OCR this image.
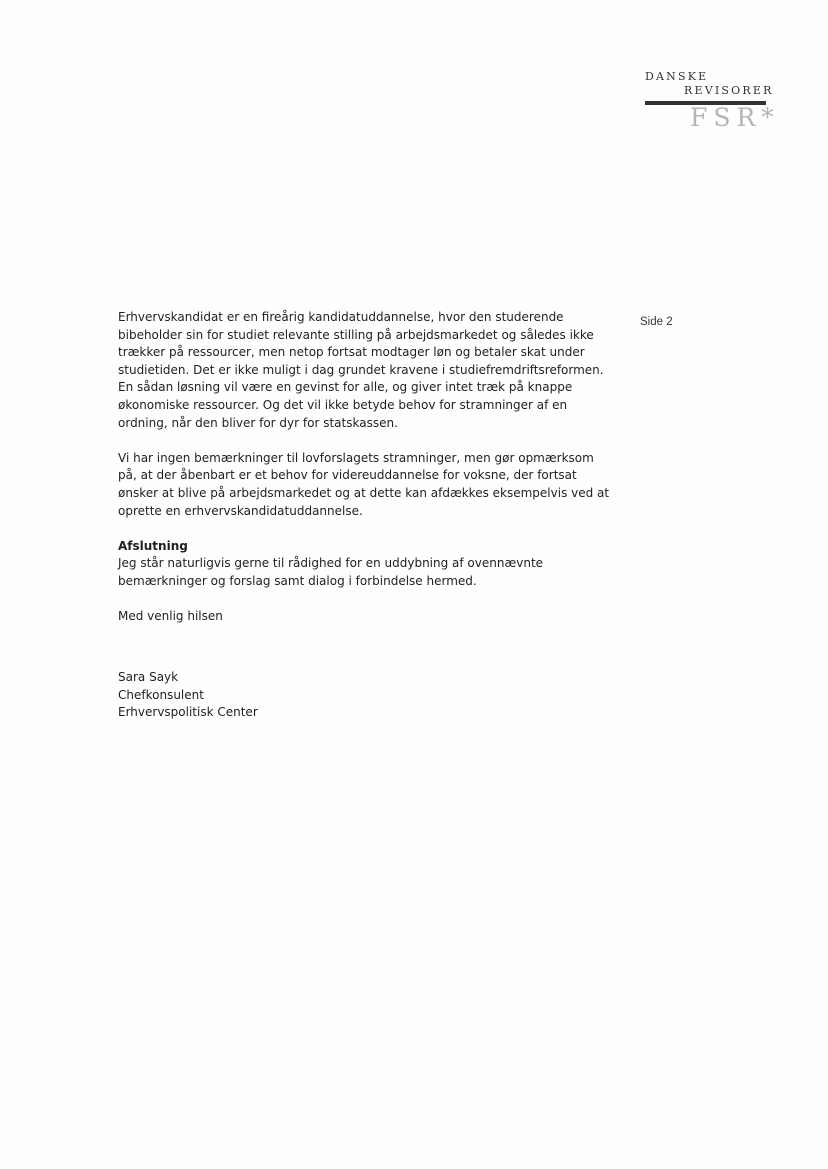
DANSKE
REVISORER
FSR*
Side 2

Erhvervskandidat er en fireårig kandidatuddannelse, hvor den studerende
bibeholder sin for studiet relevante stilling på arbejdsmarkedet og således ikke
trækker på ressourcer, men netop fortsat modtager løn og betaler skat under
studietiden. Det er ikke muligt i dag grundet kravene i studiefremdriftsreformen.
En sådan løsning vil være en gevinst for alle, og giver intet træk på knappe
økonomiske ressourcer. Og det vil ikke betyde behov for stramninger af en
ordning, når den bliver for dyr for statskassen.

Vi har ingen bemærkninger til lovforslagets stramninger, men gør opmærksom
på, at der åbenbart er et behov for videreuddannelse for voksne, der fortsat
ønsker at blive på arbejdsmarkedet og at dette kan afdækkes eksempelvis ved at
oprette en erhvervskandidatuddannelse.

Afslutning

Jeg står naturligvis gerne til rådighed for en uddybning af ovennævnte
bemærkninger og forslag samt dialog i forbindelse hermed.

Med venlig hilsen

Sara Sayk

Chefkonsulent

Erhvervspolitisk Center
